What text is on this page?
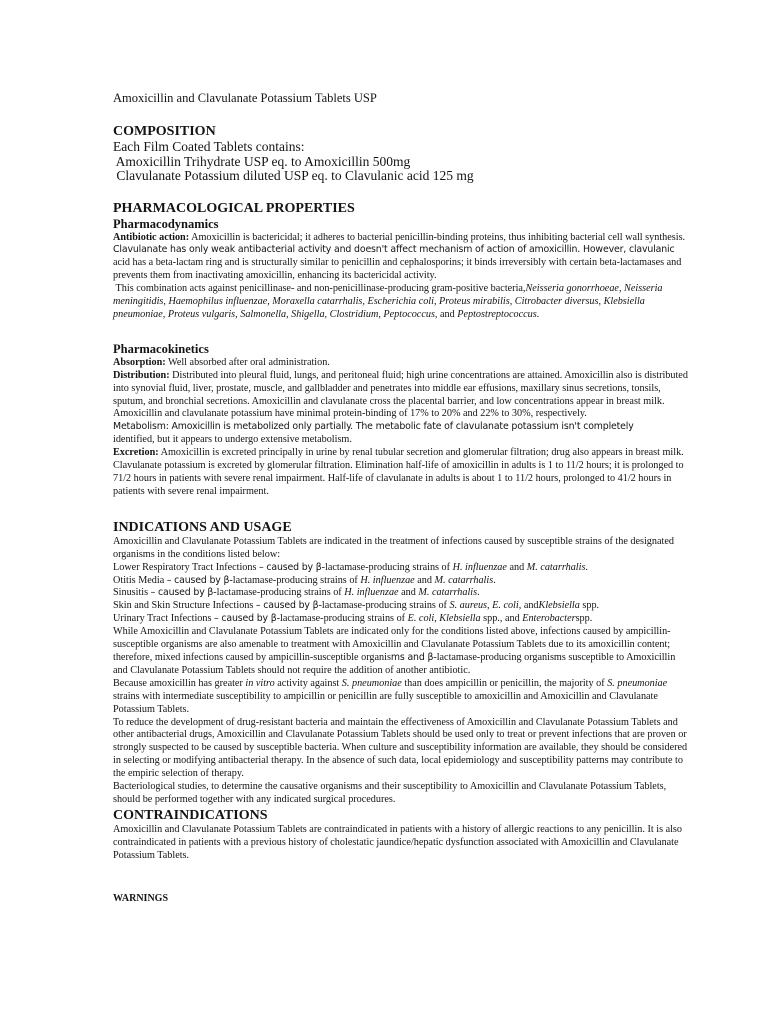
Amoxicillin and Clavulanate Potassium Tablets USP

COMPOSITION

Each Film Coated Tablets contains:

Amoxicillin Trihydrate USP eq. to Amoxicillin 500mg

Clavulanate Potassium diluted USP eq. to Clavulanic acid 125 mg

PHARMACOLOGICAL PROPERTIES
Pharmacodynamics

Antibiotic action: Amoxicillin is bactericidal; it adheres to bacterial penicillin-binding proteins, thus inhibiting bacterial cell wall synthesis.

Clavulanate has only weak antibacterial activity and doesn't affect mechanism of action of amoxicillin. However, clavulanic acid has a beta-lactam ring and is structurally similar to penicillin and cephalosporins; it binds irreversibly with certain beta-lactamases and prevents them from inactivating amoxicillin, enhancing its bactericidal activity.

This combination acts against penicillinase- and non-penicillinase-producing gram-positive bacteria,Neisseria gonorrhoeae, Neisseria meningitidis, Haemophilus influenzae, Moraxella catarrhalis, Escherichia coli, Proteus mirabilis, Citrobacter diversus, Klebsiella pneumoniae, Proteus vulgaris, Salmonella, Shigella, Clostridium, Peptococcus, and Peptostreptococcus.

Pharmacokinetics

Absorption: Well absorbed after oral administration.

Distribution: Distributed into pleural fluid, lungs, and peritoneal fluid; high urine concentrations are attained. Amoxicillin also is distributed into synovial fluid, liver, prostate, muscle, and gallbladder and penetrates into middle ear effusions, maxillary sinus secretions, tonsils, sputum, and bronchial secretions. Amoxicillin and clavulanate cross the placental barrier, and low concentrations appear in breast milk. Amoxicillin and clavulanate potassium have minimal protein-binding of 17% to 20% and 22% to 30%, respectively.

Metabolism: Amoxicillin is metabolized only partially. The metabolic fate of clavulanate potassium isn't completely

identified, but it appears to undergo extensive metabolism.

Excretion: Amoxicillin is excreted principally in urine by renal tubular secretion and glomerular filtration; drug also appears in breast milk.

Clavulanate potassium is excreted by glomerular filtration. Elimination half-life of amoxicillin in adults is 1 to 11/2 hours; it is prolonged to 71/2 hours in patients with severe renal impairment. Half-life of clavulanate in adults is about 1 to 11/2 hours, prolonged to 41/2 hours in patients with severe renal impairment.

INDICATIONS AND USAGE

Amoxicillin and Clavulanate Potassium Tablets are indicated in the treatment of infections caused by susceptible strains of the designated organisms in the conditions listed below:

Lower Respiratory Tract Infections – caused by β-lactamase-producing strains of H. influenzae and M. catarrhalis.

Otitis Media – caused by β-lactamase-producing strains of H. influenzae and M. catarrhalis.

Sinusitis – caused by β-lactamase-producing strains of H. influenzae and M. catarrhalis.

Skin and Skin Structure Infections – caused by β-lactamase-producing strains of S. aureus, E. coli, andKlebsiella spp.

Urinary Tract Infections – caused by β-lactamase-producing strains of E. coli, Klebsiella spp., and Enterobacterspp.

While Amoxicillin and Clavulanate Potassium Tablets are indicated only for the conditions listed above, infections caused by ampicillin-susceptible organisms are also amenable to treatment with Amoxicillin and Clavulanate Potassium Tablets due to its amoxicillin content; therefore, mixed infections caused by ampicillin-susceptible organisms and β-lactamase-producing organisms susceptible to Amoxicillin and Clavulanate Potassium Tablets should not require the addition of another antibiotic.

Because amoxicillin has greater in vitro activity against S. pneumoniae than does ampicillin or penicillin, the majority of S. pneumoniae strains with intermediate susceptibility to ampicillin or penicillin are fully susceptible to amoxicillin and Amoxicillin and Clavulanate Potassium Tablets.

To reduce the development of drug-resistant bacteria and maintain the effectiveness of Amoxicillin and Clavulanate Potassium Tablets and other antibacterial drugs, Amoxicillin and Clavulanate Potassium Tablets should be used only to treat or prevent infections that are proven or strongly suspected to be caused by susceptible bacteria. When culture and susceptibility information are available, they should be considered in selecting or modifying antibacterial therapy. In the absence of such data, local epidemiology and susceptibility patterns may contribute to the empiric selection of therapy.

Bacteriological studies, to determine the causative organisms and their susceptibility to Amoxicillin and Clavulanate Potassium Tablets, should be performed together with any indicated surgical procedures.

CONTRAINDICATIONS

Amoxicillin and Clavulanate Potassium Tablets are contraindicated in patients with a history of allergic reactions to any penicillin. It is also contraindicated in patients with a previous history of cholestatic jaundice/hepatic dysfunction associated with Amoxicillin and Clavulanate Potassium Tablets.

WARNINGS
